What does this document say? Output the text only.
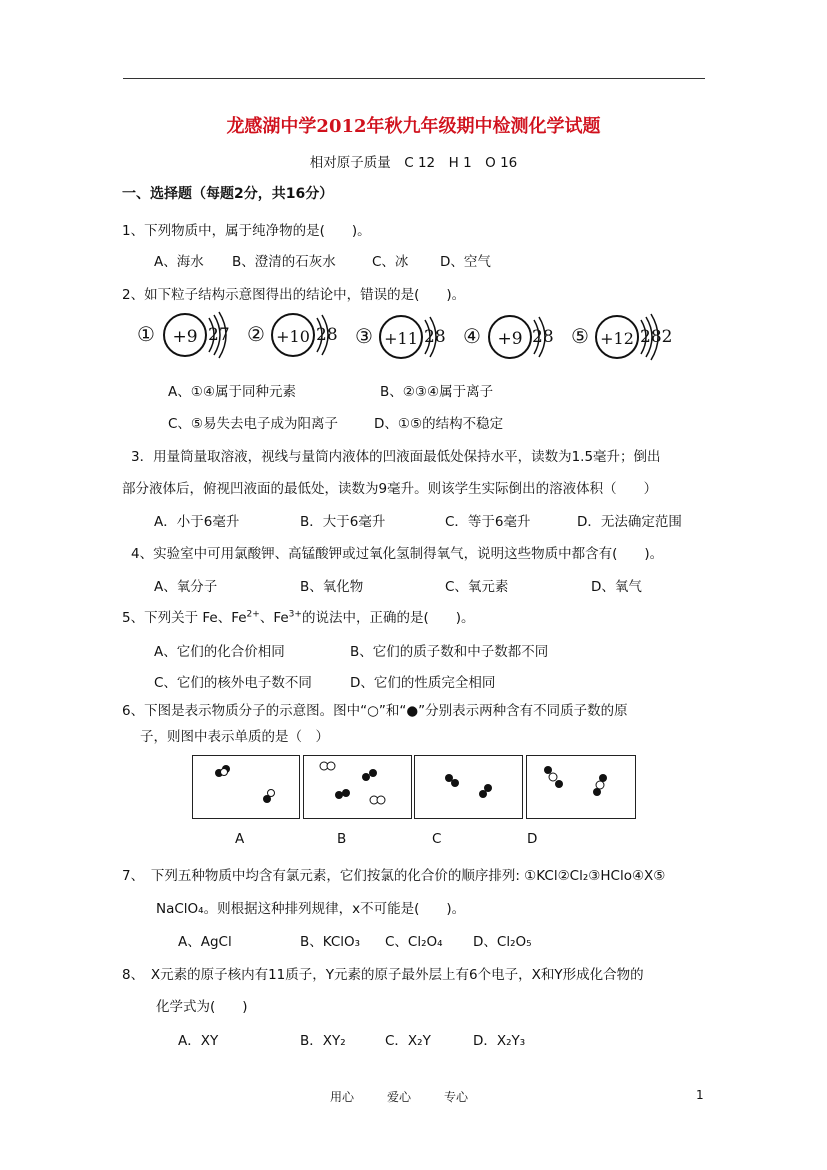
龙感湖中学2012年秋九年级期中检测化学试题
相对原子质量　C 12　H 1　O 16
一、选择题（每题2分，共16分）
1、下列物质中，属于纯净物的是(　　)。
A、海水 B、澄清的石灰水	C、冰 D、空气
2、如下粒子结构示意图得出的结论中，错误的是(　　)。
① +9 27 ② +10 28 ③ +11 28 ④ +9 28 ⑤ +12 282
A、①④属于同种元素	B、②③④属于离子
C、⑤易失去电子成为阳离子	D、①⑤的结构不稳定
3．用量筒量取溶液，视线与量筒内液体的凹液面最低处保持水平，读数为1.5毫升；倒出
部分液体后，俯视凹液面的最低处，读数为9毫升。则该学生实际倒出的溶液体积（　　）
A．小于6毫升	B．大于6毫升	C．等于6毫升	D．无法确定范围
4、实验室中可用氯酸钾、高锰酸钾或过氧化氢制得氧气，说明这些物质中都含有(　　)。
A、氧分子	B、氧化物	C、氧元素	D、氧气
5、下列关于 Fe、$Fe^{2+}$、$Fe^{3+}$的说法中，正确的是(　　)。
A、它们的化合价相同	B、它们的质子数和中子数都不同
C、它们的核外电子数不同	D、它们的性质完全相同
6、下图是表示物质分子的示意图。图中“○”和“●”分别表示两种含有不同质子数的原
子，则图中表示单质的是（　）
A	B	C	D
7、　下列五种物质中均含有氯元素，它们按氯的化合价的顺序排列: ①KCl②Cl₂③HClo④X⑤
NaClO₄。则根据这种排列规律，x不可能是(　　)。
A、AgCl	B、KClO₃ C、Cl₂O₄ D、Cl₂O₅
8、　X元素的原子核内有11质子，Y元素的原子最外层上有6个电子，X和Y形成化合物的
化学式为(　　)
A．XY	B．XY₂	C．X₂Y	D．X₂Y₃
用心	爱心	专心	1
